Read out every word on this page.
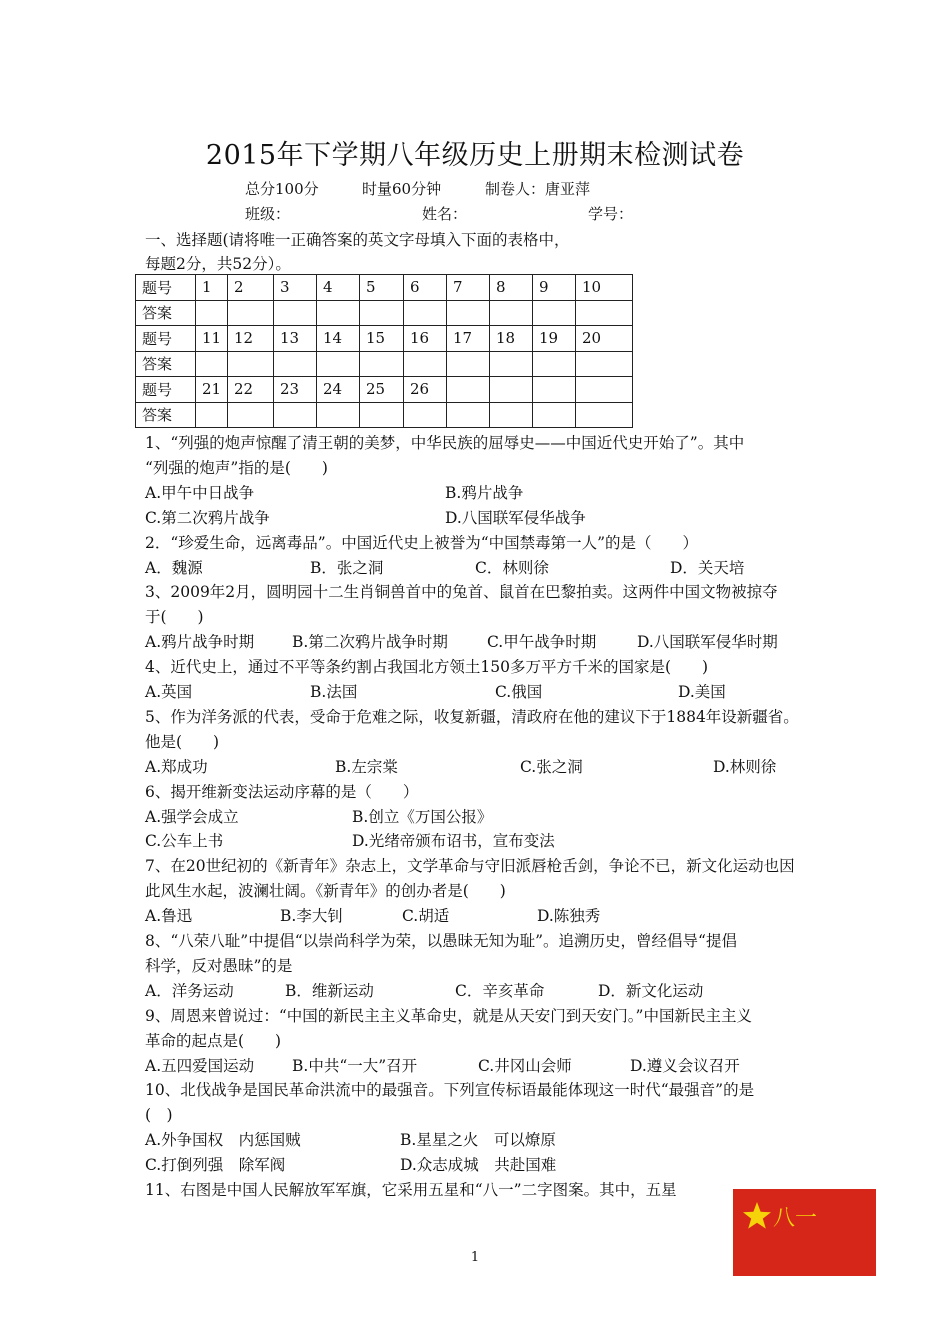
2015年下学期八年级历史上册期末检测试卷
总分100分	时量60分钟	制卷人：唐亚萍
班级：	姓名：	学号：
一、选择题(请将唯一正确答案的英文字母填入下面的表格中，
每题2分，共52分）。
题号	1	2	3	4	5	6	7	8	9	10
答案										
题号	11	12	13	14	15	16	17	18	19	20
答案										
题号	21	22	23	24	25	26				
答案										
1、“列强的炮声惊醒了清王朝的美梦，中华民族的屈辱史——中国近代史开始了”。其中
“列强的炮声”指的是(　　)
A.甲午中日战争	B.鸦片战争
C.第二次鸦片战争	D.八国联军侵华战争
2．“珍爱生命，远离毒品”。中国近代史上被誉为“中国禁毒第一人”的是（　　）
A．魏源	B．张之洞	C．林则徐	D．关天培
3、2009年2月，圆明园十二生肖铜兽首中的兔首、鼠首在巴黎拍卖。这两件中国文物被掠夺
于(　　)
A.鸦片战争时期 B.第二次鸦片战争时期	C.甲午战争时期	D.八国联军侵华时期
4、近代史上，通过不平等条约割占我国北方领土150多万平方千米的国家是(　　)
A.英国	B.法国	C.俄国	D.美国
5、作为洋务派的代表，受命于危难之际，收复新疆，清政府在他的建议下于1884年设新疆省。
他是(　　)
A.郑成功	B.左宗棠	C.张之洞	D.林则徐
6、揭开维新变法运动序幕的是（　　）
A.强学会成立	B.创立《万国公报》
C.公车上书	D.光绪帝颁布诏书，宣布变法
7、在20世纪初的《新青年》杂志上，文学革命与守旧派唇枪舌剑，争论不已，新文化运动也因
此风生水起，波澜壮阔。《新青年》的创办者是(　　)
A.鲁迅	B.李大钊	C.胡适	D.陈独秀
8、“八荣八耻”中提倡“以崇尚科学为荣，以愚昧无知为耻”。追溯历史，曾经倡导“提倡
科学，反对愚昧”的是
A．洋务运动	B．维新运动	C．辛亥革命	D．新文化运动
9、周恩来曾说过：“中国的新民主主义革命史，就是从天安门到天安门。”中国新民主主义
革命的起点是(　　)
A.五四爱国运动 B.中共“一大”召开	C.井冈山会师	D.遵义会议召开
10、北伐战争是国民革命洪流中的最强音。下列宣传标语最能体现这一时代“最强音”的是
(　)
A.外争国权　内惩国贼	B.星星之火　可以燎原
C.打倒列强　除军阀	D.众志成城　共赴国难
11、右图是中国人民解放军军旗，它采用五星和“八一”二字图案。其中，五星
八一
1
